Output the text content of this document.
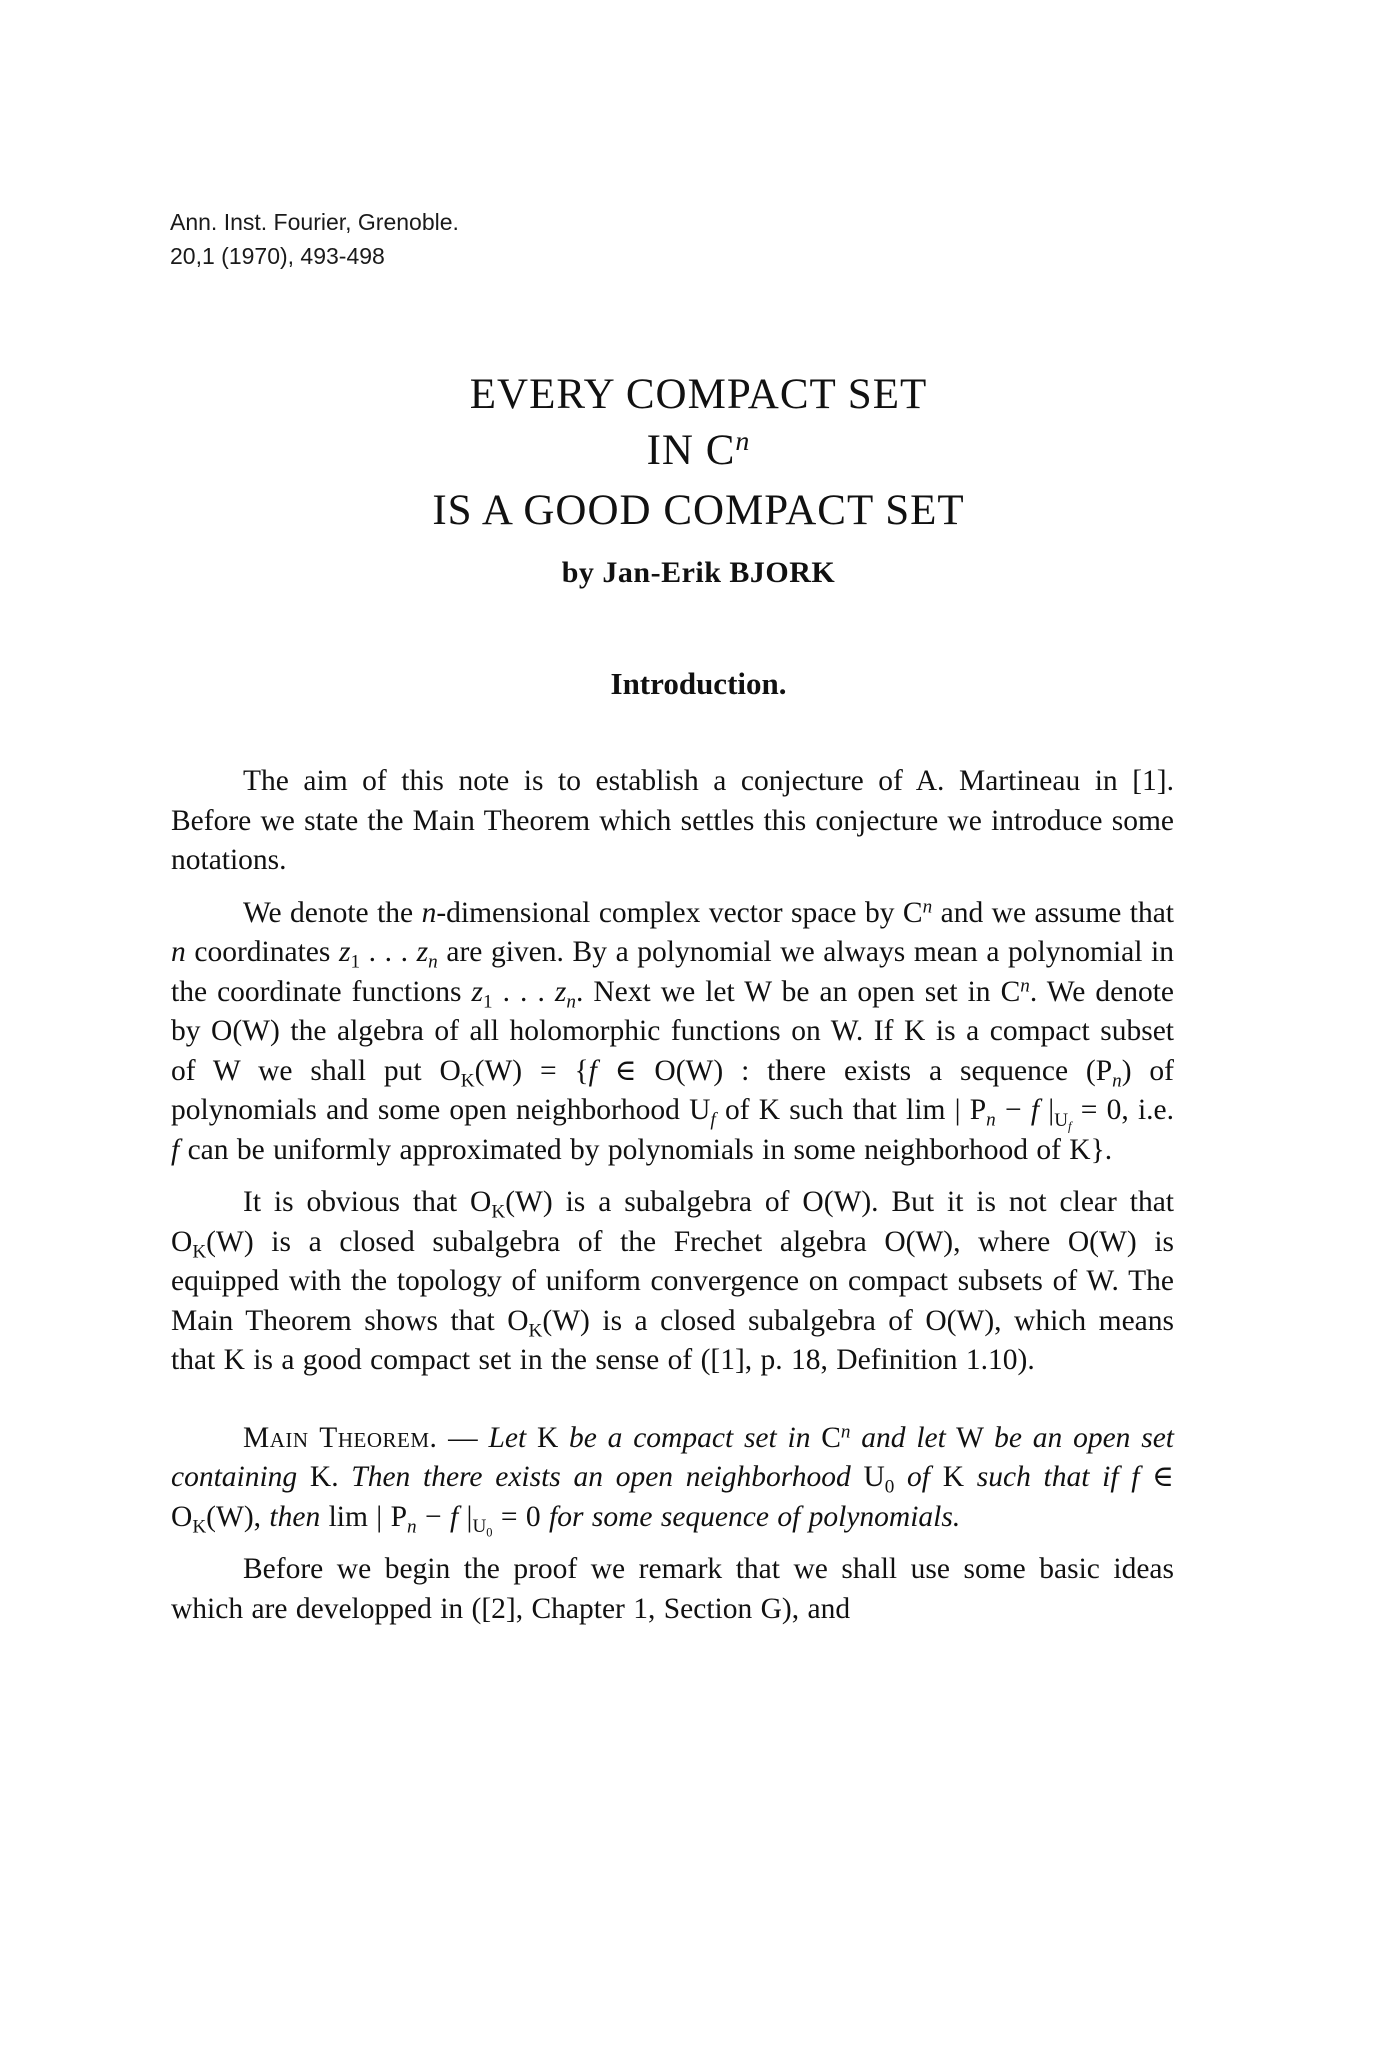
Ann. Inst. Fourier, Grenoble.
20,1 (1970), 493-498
EVERY COMPACT SET
IN $C^n$
IS A GOOD COMPACT SET
by Jan-Erik BJORK
Introduction.

The aim of this note is to establish a conjecture of A. Martineau in [1]. Before we state the Main Theorem which settles this conjecture we introduce some notations.

We denote the n-dimensional complex vector space by $C^n$ and we assume that n coordinates $z_1$ . . . $z_n$ are given. By a polynomial we always mean a polynomial in the coordinate functions $z_1$ . . . $z_n$. Next we let W be an open set in $C^n$. We denote by O(W) the algebra of all holomorphic functions on W. If K is a compact subset of W we shall put $O_K(W) = \{f$ ∈ O(W) : there exists a sequence $(P_n)$ of polynomials and some open neighborhood $U_f$ of K such that lim | $P_n - f$ $|_{U_f} = 0$, i.e. f can be uniformly approximated by polynomials in some neighborhood of K}.

It is obvious that $O_K(W)$ is a subalgebra of O(W). But it is not clear that $O_K(W)$ is a closed subalgebra of the Frechet algebra O(W), where O(W) is equipped with the topology of uniform convergence on compact subsets of W. The Main Theorem shows that $O_K(W)$ is a closed subalgebra of O(W), which means that K is a good compact set in the sense of ([1], p. 18, Definition 1.10).

Main Theorem. — Let K be a compact set in $C^n$ and let W be an open set containing K. Then there exists an open neighborhood $U_0$ of K such that if f ∈ $O_K(W)$, then lim | $P_n - f$ $|_{U_0} = 0$ for some sequence of polynomials.

Before we begin the proof we remark that we shall use some basic ideas which are developped in ([2], Chapter 1, Section G), and
